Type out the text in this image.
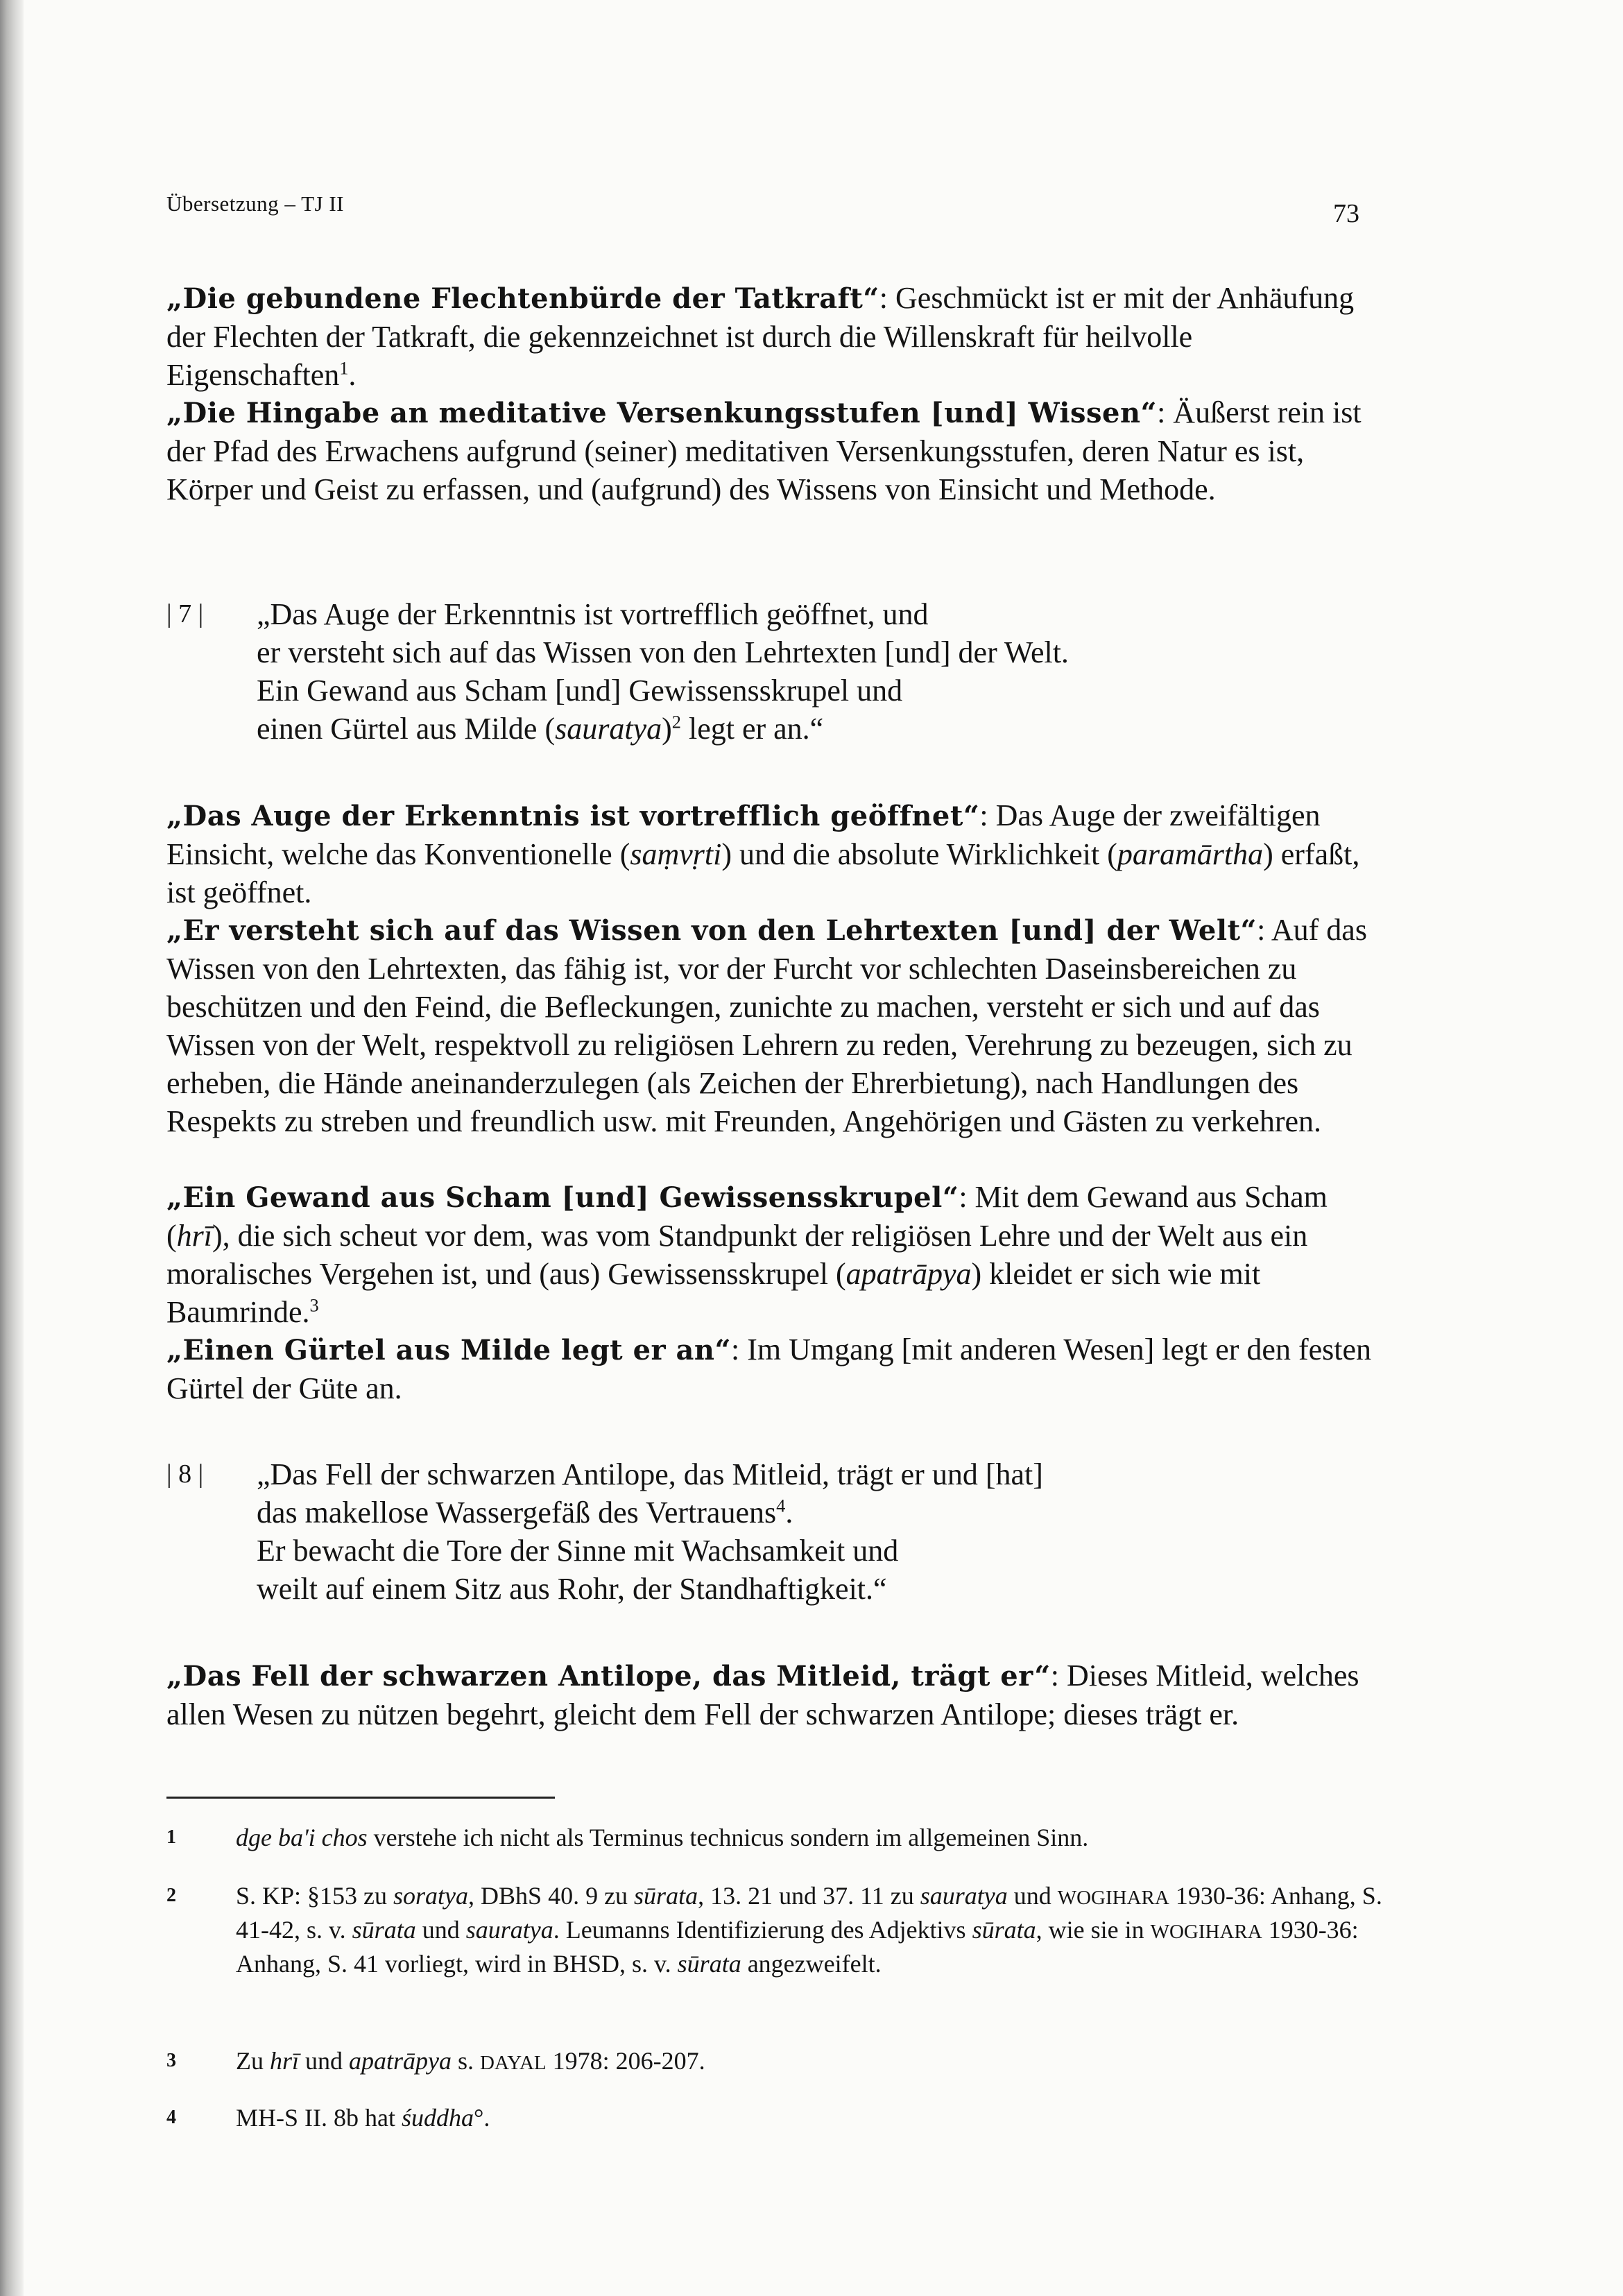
Übersetzung – TJ II	73

„Die gebundene Flechtenbürde der Tatkraft“: Geschmückt ist er mit der Anhäufung der Flechten der Tatkraft, die gekennzeichnet ist durch die Willenskraft für heilvolle Eigenschaften$^1$.

„Die Hingabe an meditative Versenkungsstufen [und] Wissen“: Äußerst rein ist der Pfad des Erwachens aufgrund (seiner) meditativen Versenkungsstufen, deren Natur es ist, Körper und Geist zu erfassen, und (aufgrund) des Wissens von Einsicht und Methode.

| 7 | „Das Auge der Erkenntnis ist vortrefflich geöffnet, und
er versteht sich auf das Wissen von den Lehrtexten [und] der Welt.
Ein Gewand aus Scham [und] Gewissensskrupel und
einen Gürtel aus Milde (sauratya)$^2$ legt er an.“

„Das Auge der Erkenntnis ist vortrefflich geöffnet“: Das Auge der zweifältigen Einsicht, welche das Konventionelle (saṃvṛti) und die absolute Wirklichkeit (paramārtha) erfaßt, ist geöffnet.

„Er versteht sich auf das Wissen von den Lehrtexten [und] der Welt“: Auf das Wissen von den Lehrtexten, das fähig ist, vor der Furcht vor schlechten Daseinsbereichen zu beschützen und den Feind, die Befleckungen, zunichte zu machen, versteht er sich und auf das Wissen von der Welt, respektvoll zu religiösen Lehrern zu reden, Verehrung zu bezeugen, sich zu erheben, die Hände aneinanderzulegen (als Zeichen der Ehrerbietung), nach Handlungen des Respekts zu streben und freundlich usw. mit Freunden, Angehörigen und Gästen zu verkehren.

„Ein Gewand aus Scham [und] Gewissensskrupel“: Mit dem Gewand aus Scham (hrī), die sich scheut vor dem, was vom Standpunkt der religiösen Lehre und der Welt aus ein moralisches Vergehen ist, und (aus) Gewissensskrupel (apatrāpya) kleidet er sich wie mit Baumrinde.$^3$

„Einen Gürtel aus Milde legt er an“: Im Umgang [mit anderen Wesen] legt er den festen Gürtel der Güte an.

| 8 | „Das Fell der schwarzen Antilope, das Mitleid, trägt er und [hat]
das makellose Wassergefäß des Vertrauens$^4$.
Er bewacht die Tore der Sinne mit Wachsamkeit und
weilt auf einem Sitz aus Rohr, der Standhaftigkeit.“

„Das Fell der schwarzen Antilope, das Mitleid, trägt er“: Dieses Mitleid, welches allen Wesen zu nützen begehrt, gleicht dem Fell der schwarzen Antilope; dieses trägt er.

1 dge ba'i chos verstehe ich nicht als Terminus technicus sondern im allgemeinen Sinn.
2 S. KP: §153 zu soratya, DBhS 40. 9 zu sūrata, 13. 21 und 37. 11 zu sauratya und WOGIHARA 1930-36: Anhang, S. 41-42, s. v. sūrata und sauratya. Leumanns Identifizierung des Adjektivs sūrata, wie sie in WOGIHARA 1930-36: Anhang, S. 41 vorliegt, wird in BHSD, s. v. sūrata angezweifelt.
3 Zu hrī und apatrāpya s. DAYAL 1978: 206-207.
4 MH-S II. 8b hat śuddha°.
